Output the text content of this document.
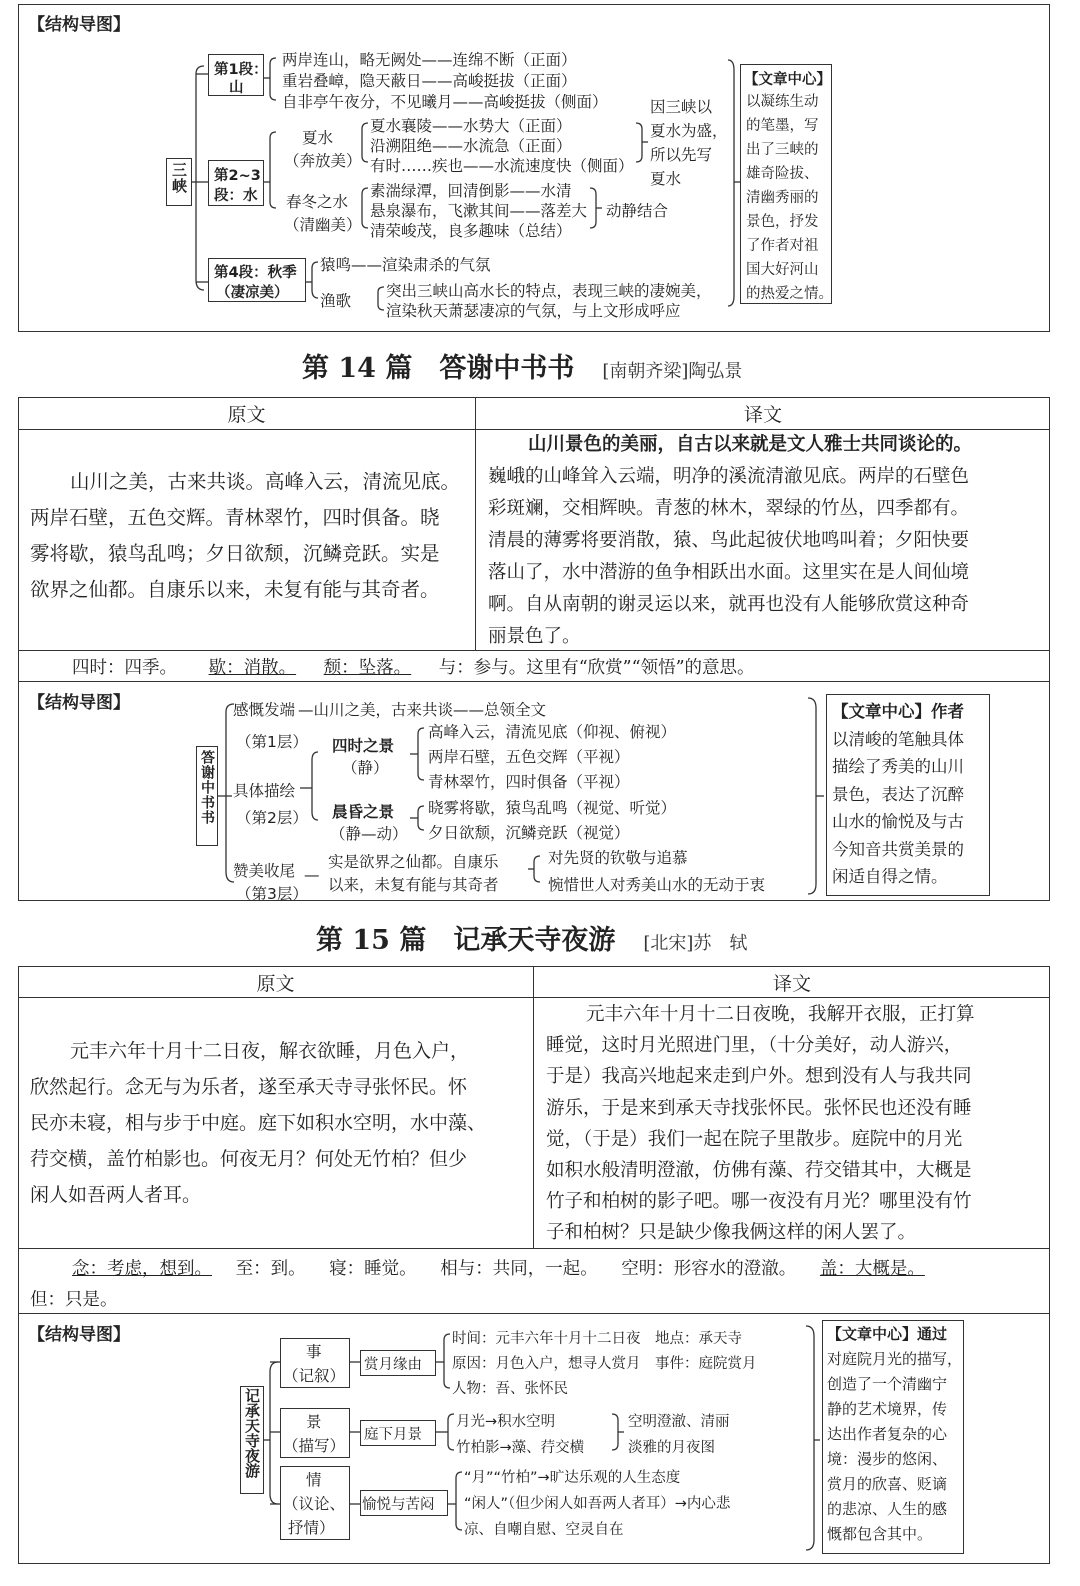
【结构导图】
三峡
第1段：
山
两岸连山，略无阙处——连绵不断（正面）
重岩叠嶂，隐天蔽日——高峻挺拔（正面）
自非亭午夜分，不见曦月——高峻挺拔（侧面）
第2~3
段：水
夏水
（奔放美）
夏水襄陵——水势大（正面）
沿溯阻绝——水流急（正面）
有时……疾也——水流速度快（侧面）
因三峡以
夏水为盛，
所以先写
夏水
春冬之水
（清幽美）
素湍绿潭，回清倒影——水清
悬泉瀑布，飞漱其间——落差大
清荣峻茂，良多趣味（总结）
动静结合
第4段：秋季
（凄凉美）
猿鸣——渲染肃杀的气氛
渔歌
突出三峡山高水长的特点，表现三峡的凄婉美，
渲染秋天萧瑟凄凉的气氛，与上文形成呼应
【文章中心】
以凝练生动
的笔墨，写
出了三峡的
雄奇险拔、
清幽秀丽的
景色，抒发
了作者对祖
国大好河山
的热爱之情。
第 14 篇　答谢中书书 [南朝齐梁]陶弘景
原文	译文
山川之美，古来共谈。高峰入云，清流见底。
两岸石壁，五色交辉。青林翠竹，四时俱备。晓
雾将歇，猿鸟乱鸣；夕日欲颓，沉鳞竞跃。实是
欲界之仙都。自康乐以来，未复有能与其奇者。
山川景色的美丽，自古以来就是文人雅士共同谈论的。
巍峨的山峰耸入云端，明净的溪流清澈见底。两岸的石壁色
彩斑斓，交相辉映。青葱的林木，翠绿的竹丛，四季都有。
清晨的薄雾将要消散，猿、鸟此起彼伏地鸣叫着；夕阳快要
落山了，水中潜游的鱼争相跃出水面。这里实在是人间仙境
啊。自从南朝的谢灵运以来，就再也没有人能够欣赏这种奇
丽景色了。
四时：四季。 歇：消散。 颓：坠落。 与：参与。这里有“欣赏”“领悟”的意思。
【结构导图】
答谢中书书
感慨发端 —山川之美，古来共谈——总领全文
（第1层）
具体描绘
（第2层）
四时之景
（静）
高峰入云，清流见底（仰视、俯视）
两岸石壁，五色交辉（平视）
青林翠竹，四时俱备（平视）
晨昏之景
（静—动）
晓雾将歇，猿鸟乱鸣（视觉、听觉）
夕日欲颓，沉鳞竞跃（视觉）
赞美收尾
（第3层）
—
实是欲界之仙都。自康乐
以来，未复有能与其奇者
对先贤的钦敬与追慕
惋惜世人对秀美山水的无动于衷
【文章中心】作者
以清峻的笔触具体
描绘了秀美的山川
景色，表达了沉醉
山水的愉悦及与古
今知音共赏美景的
闲适自得之情。
第 15 篇　记承天寺夜游 [北宋]苏　轼
原文	译文
元丰六年十月十二日夜，解衣欲睡，月色入户，
欣然起行。念无与为乐者，遂至承天寺寻张怀民。怀
民亦未寝，相与步于中庭。庭下如积水空明，水中藻、
荇交横，盖竹柏影也。何夜无月？何处无竹柏？但少
闲人如吾两人者耳。
元丰六年十月十二日夜晚，我解开衣服，正打算
睡觉，这时月光照进门里，（十分美好，动人游兴，
于是）我高兴地起来走到户外。想到没有人与我共同
游乐，于是来到承天寺找张怀民。张怀民也还没有睡
觉，（于是）我们一起在院子里散步。庭院中的月光
如积水般清明澄澈，仿佛有藻、荇交错其中，大概是
竹子和柏树的影子吧。哪一夜没有月光？哪里没有竹
子和柏树？只是缺少像我俩这样的闲人罢了。
念：考虑，想到。 至：到。 寝：睡觉。 相与：共同，一起。 空明：形容水的澄澈。 盖：大概是。
但：只是。
【结构导图】
记承天寺夜游
事
（记叙）
赏月缘由
时间：元丰六年十月十二日夜　地点：承天寺
原因：月色入户，想寻人赏月　事件：庭院赏月
人物：吾、张怀民
景
（描写）
庭下月景
月光→积水空明
竹柏影→藻、荇交横
空明澄澈、清丽
淡雅的月夜图
情
（议论、
抒情）
愉悦与苦闷
“月”“竹柏”→旷达乐观的人生态度
“闲人”（但少闲人如吾两人者耳）→内心悲
凉、自嘲自慰、空灵自在
【文章中心】通过
对庭院月光的描写，
创造了一个清幽宁
静的艺术境界，传
达出作者复杂的心
境：漫步的悠闲、
赏月的欣喜、贬谪
的悲凉、人生的感
慨都包含其中。
